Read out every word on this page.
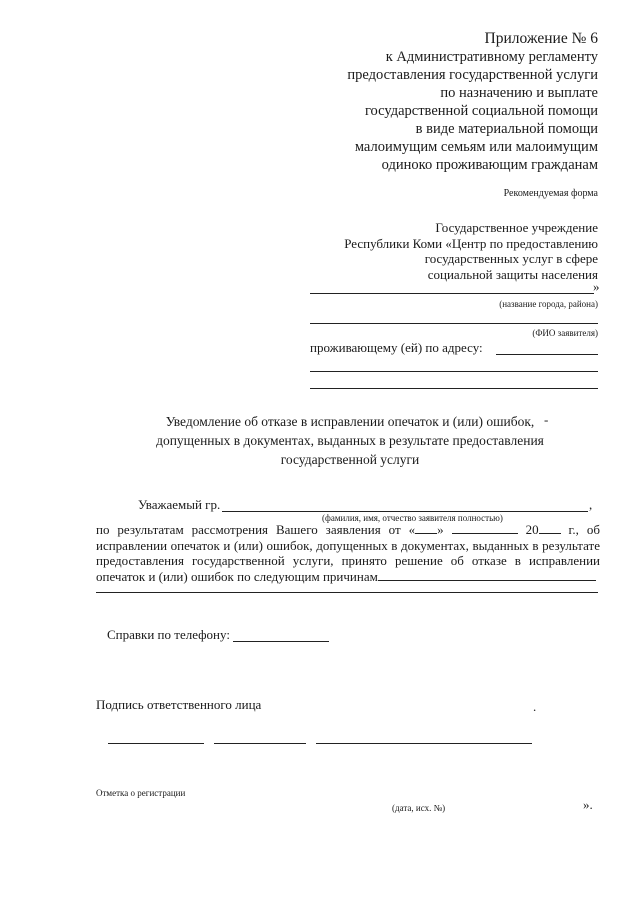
Приложение № 6
к Административному регламенту
предоставления государственной услуги
по назначению и выплате
государственной социальной помощи
в виде материальной помощи
малоимущим семьям или малоимущим
одиноко проживающим гражданам
Рекомендуемая форма
Государственное учреждение
Республики Коми «Центр по предоставлению
государственных услуг в сфере
социальной защиты населения
»
(название города, района)
(ФИО заявителя)
проживающему (ей) по адресу:
Уведомление об отказе в исправлении опечаток и (или) ошибок,
допущенных в документах, выданных в результате предоставления
государственной услуги
-
Уважаемый гр.	,
(фамилия, имя, отчество заявителя полностью)
по результатам рассмотрения Вашего заявления от « »	20 г., об
исправлении опечаток и (или) ошибок, допущенных в документах, выданных в результате
предоставления государственной услуги, принято решение об отказе в исправлении
опечаток и (или) ошибок по следующим причинам
Справки по телефону:
Подпись ответственного лица	.
Отметка о регистрации
(дата, исх. №)	».
